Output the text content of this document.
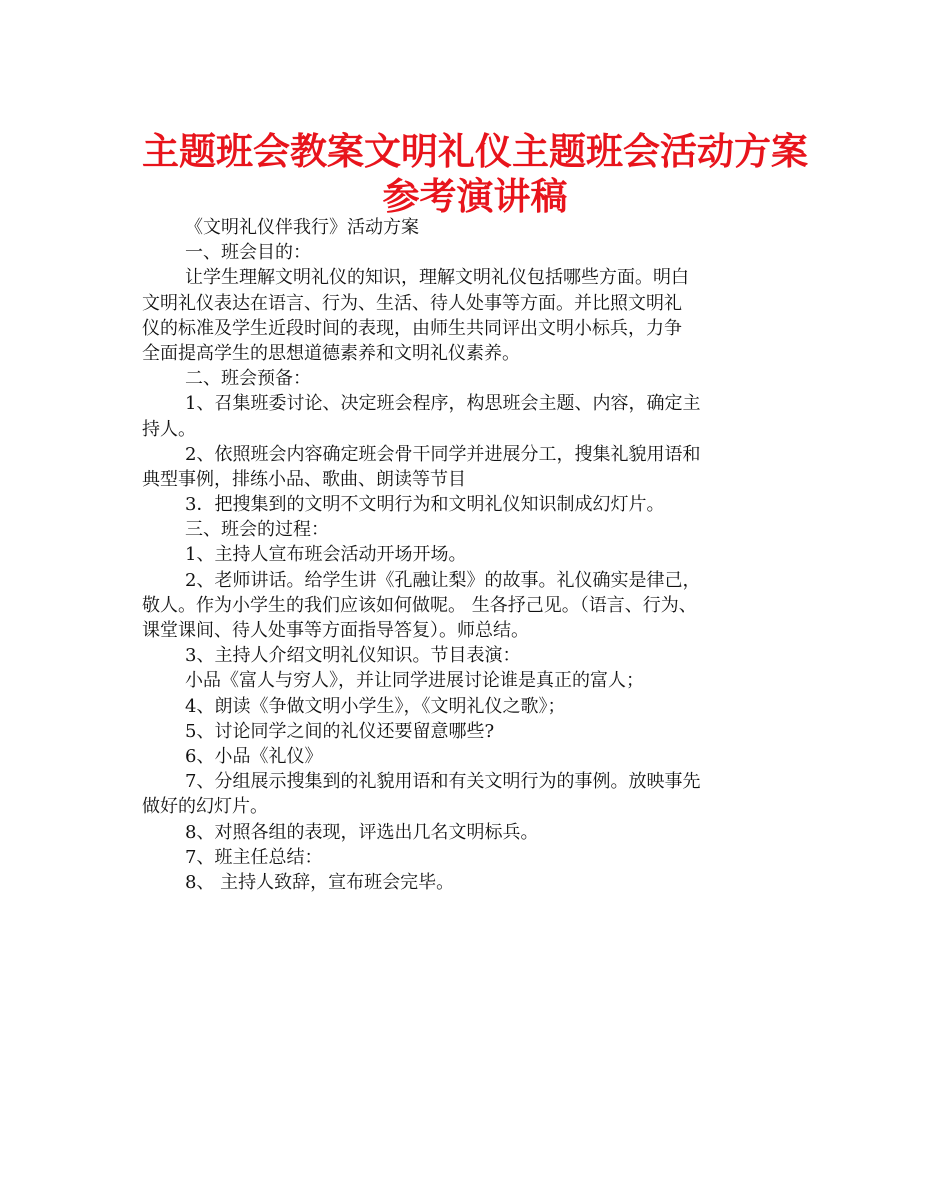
主题班会教案文明礼仪主题班会活动方案
参考演讲稿
《文明礼仪伴我行》活动方案
一、班会目的：
让学生理解文明礼仪的知识，理解文明礼仪包括哪些方面。明白
文明礼仪表达在语言、行为、生活、待人处事等方面。并比照文明礼
仪的标准及学生近段时间的表现，由师生共同评出文明小标兵，力争
全面提高学生的思想道德素养和文明礼仪素养。
二、班会预备：
1、召集班委讨论、决定班会程序，构思班会主题、内容，确定主
持人。
2、依照班会内容确定班会骨干同学并进展分工，搜集礼貌用语和
典型事例，排练小品、歌曲、朗读等节目
3．把搜集到的文明不文明行为和文明礼仪知识制成幻灯片。
三、班会的过程：
1、主持人宣布班会活动开场开场。
2、老师讲话。给学生讲《孔融让梨》的故事。礼仪确实是律己，
敬人。作为小学生的我们应该如何做呢。 生各抒己见。（语言、行为、
课堂课间、待人处事等方面指导答复）。师总结。
3、主持人介绍文明礼仪知识。节目表演：
小品《富人与穷人》，并让同学进展讨论谁是真正的富人；
4、朗读《争做文明小学生》，《文明礼仪之歌》；
5、讨论同学之间的礼仪还要留意哪些?
6、小品《礼仪》
7、分组展示搜集到的礼貌用语和有关文明行为的事例。放映事先
做好的幻灯片。
8、对照各组的表现，评选出几名文明标兵。
7、班主任总结：
8、 主持人致辞，宣布班会完毕。
